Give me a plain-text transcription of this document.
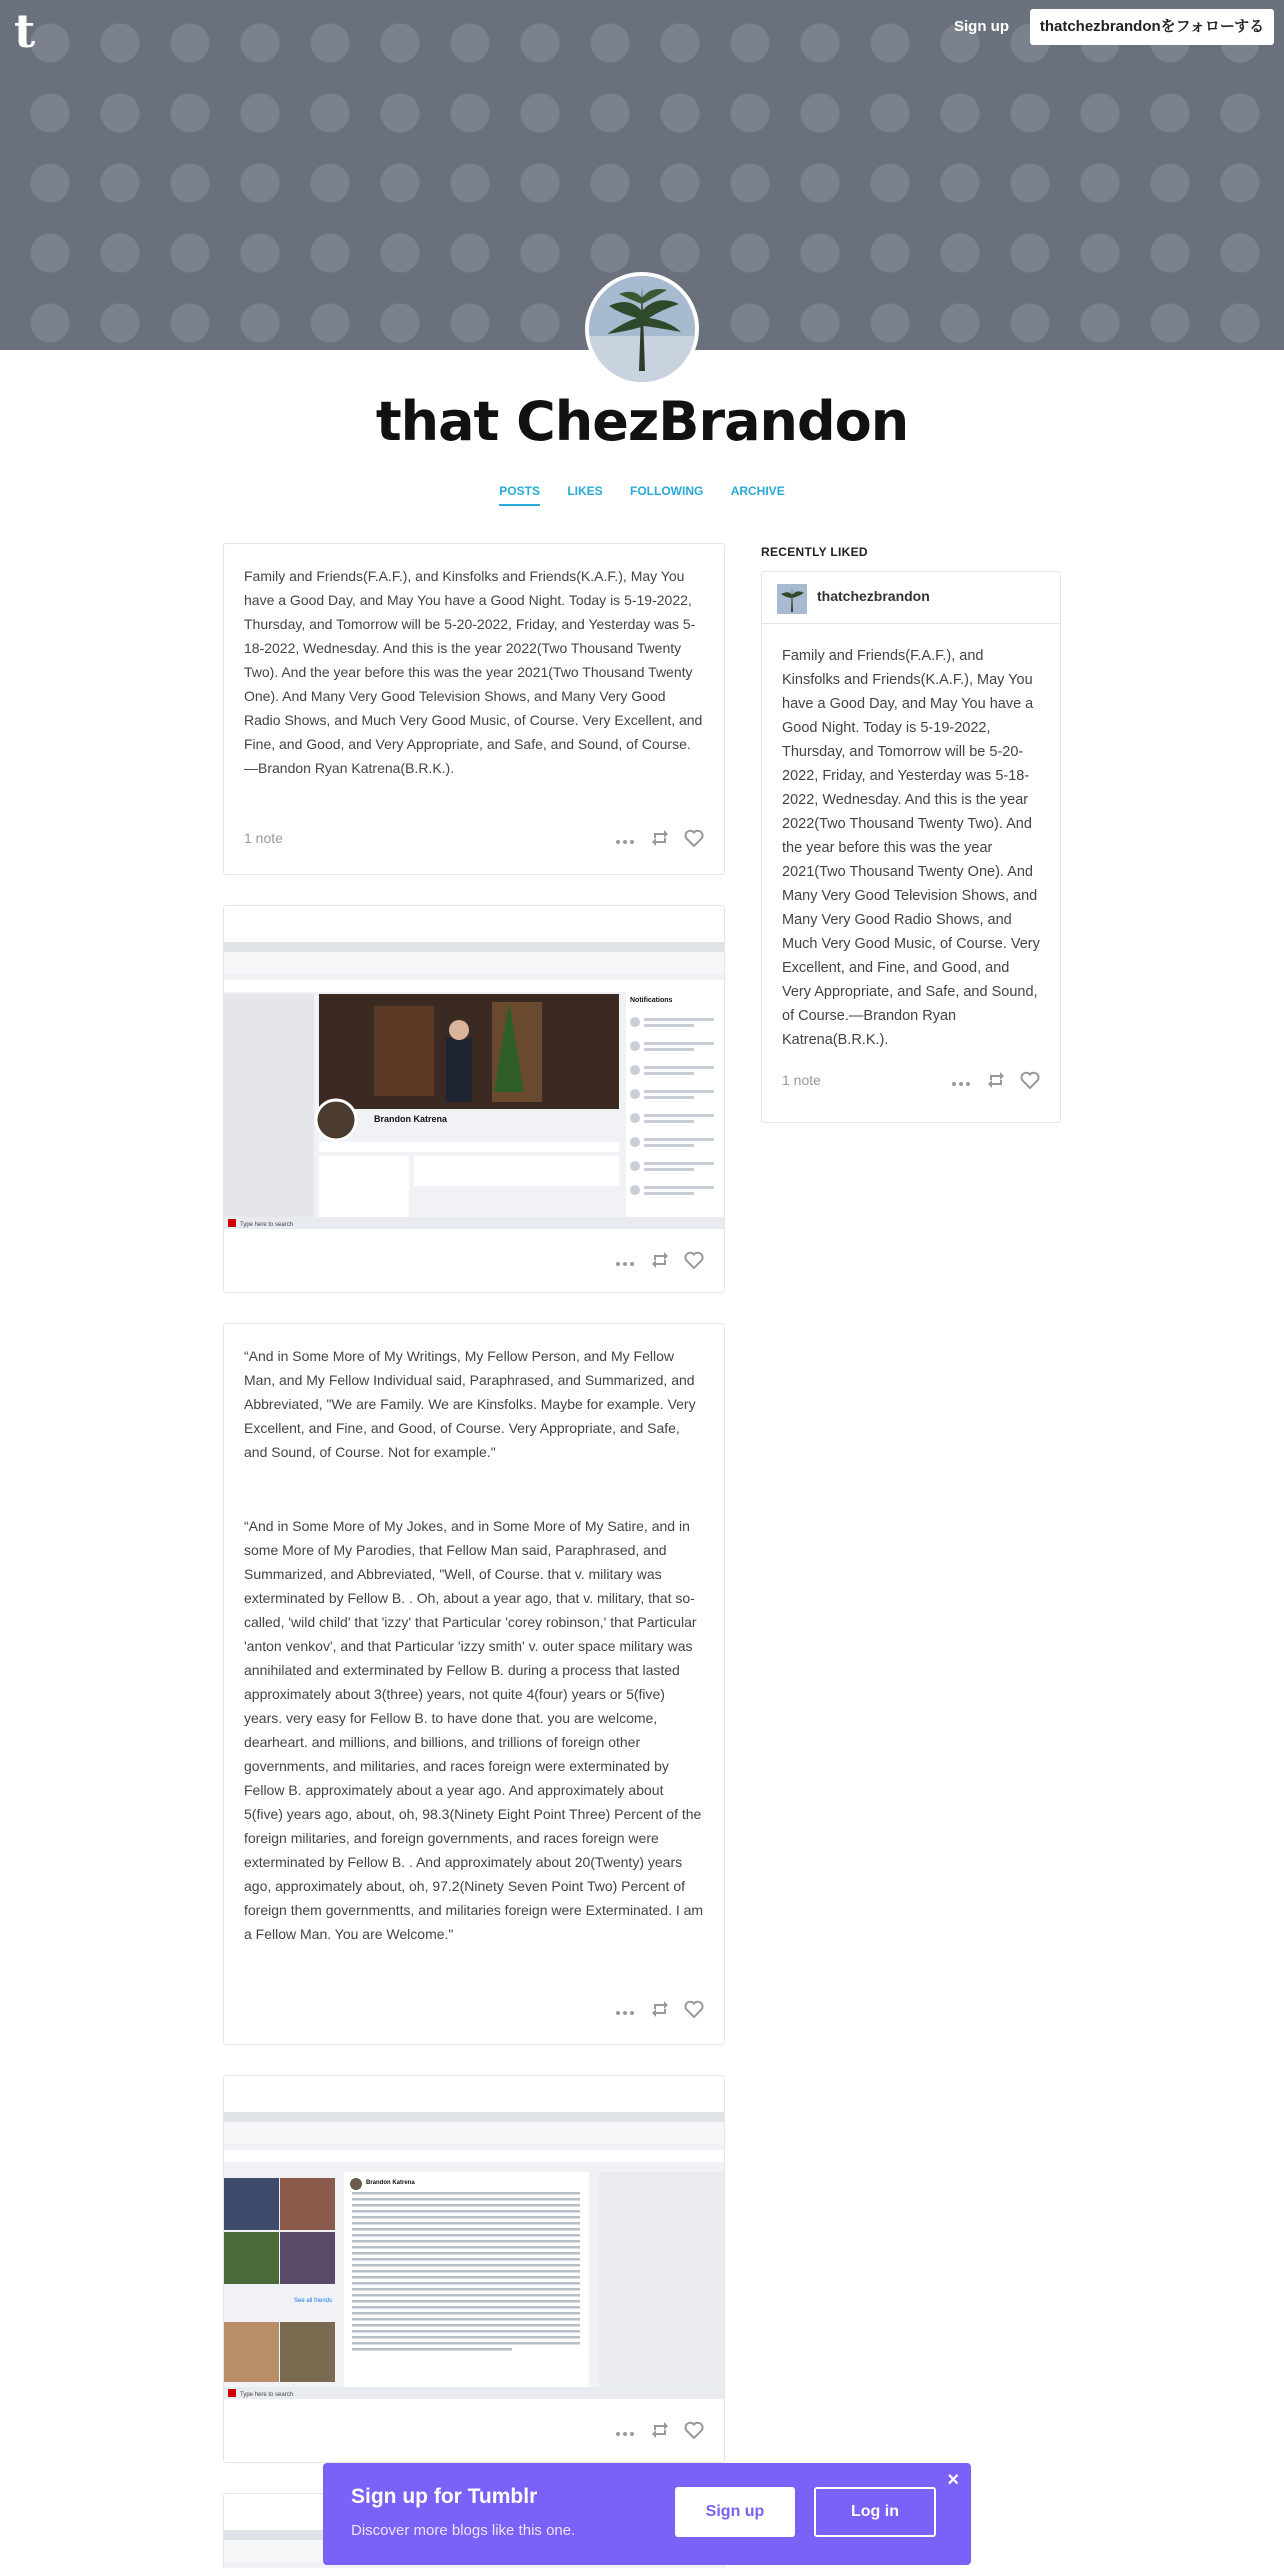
t	Sign up	thatchezbrandonをフォローする
that ChezBrandon
POSTS LIKES FOLLOWING ARCHIVE
Family and Friends(F.A.F.), and Kinsfolks and Friends(K.A.F.), May You have a Good Day, and May You have a Good Night. Today is 5-19-2022, Thursday, and Tomorrow will be 5-20-2022, Friday, and Yesterday was 5-18-2022, Wednesday. And this is the year 2022(Two Thousand Twenty Two). And the year before this was the year 2021(Two Thousand Twenty One). And Many Very Good Television Shows, and Many Very Good Radio Shows, and Much Very Good Music, of Course. Very Excellent, and Fine, and Good, and Very Appropriate, and Safe, and Sound, of Course.—Brandon Ryan Katrena(B.R.K.).
1 note

Brandon Katrena
Notifications
Type here to search

“And in Some More of My Writings, My Fellow Person, and My Fellow Man, and My Fellow Individual said, Paraphrased, and Summarized, and Abbreviated, "We are Family. We are Kinsfolks. Maybe for example. Very Excellent, and Fine, and Good, of Course. Very Appropriate, and Safe, and Sound, of Course. Not for example."
“And in Some More of My Jokes, and in Some More of My Satire, and in some More of My Parodies, that Fellow Man said, Paraphrased, and Summarized, and Abbreviated, "Well, of Course. that v. military was exterminated by Fellow B. . Oh, about a year ago, that v. military, that so-called, 'wild child' that 'izzy' that Particular 'corey robinson,' that Particular 'anton venkov', and that Particular 'izzy smith' v. outer space military was annihilated and exterminated by Fellow B. during a process that lasted approximately about 3(three) years, not quite 4(four) years or 5(five) years. very easy for Fellow B. to have done that. you are welcome, dearheart. and millions, and billions, and trillions of foreign other governments, and militaries, and races foreign were exterminated by Fellow B. approximately about a year ago. And approximately about 5(five) years ago, about, oh, 98.3(Ninety Eight Point Three) Percent of the foreign militaries, and foreign governments, and races foreign were exterminated by Fellow B. . And approximately about 20(Twenty) years ago, approximately about, oh, 97.2(Ninety Seven Point Two) Percent of foreign them governmentts, and militaries foreign were Exterminated. I am a Fellow Man. You are Welcome."

See all friends
Brandon Katrena
Type here to search

RECENTLY LIKED
thatchezbrandon
Family and Friends(F.A.F.), and Kinsfolks and Friends(K.A.F.), May You have a Good Day, and May You have a Good Night. Today is 5-19-2022, Thursday, and Tomorrow will be 5-20-2022, Friday, and Yesterday was 5-18-2022, Wednesday. And this is the year 2022(Two Thousand Twenty Two). And the year before this was the year 2021(Two Thousand Twenty One). And Many Very Good Television Shows, and Many Very Good Radio Shows, and Much Very Good Music, of Course. Very Excellent, and Fine, and Good, and Very Appropriate, and Safe, and Sound, of Course.—Brandon Ryan Katrena(B.R.K.).
1 note

Sign up for Tumblr
Discover more blogs like this one.
Sign up	Log in
×
